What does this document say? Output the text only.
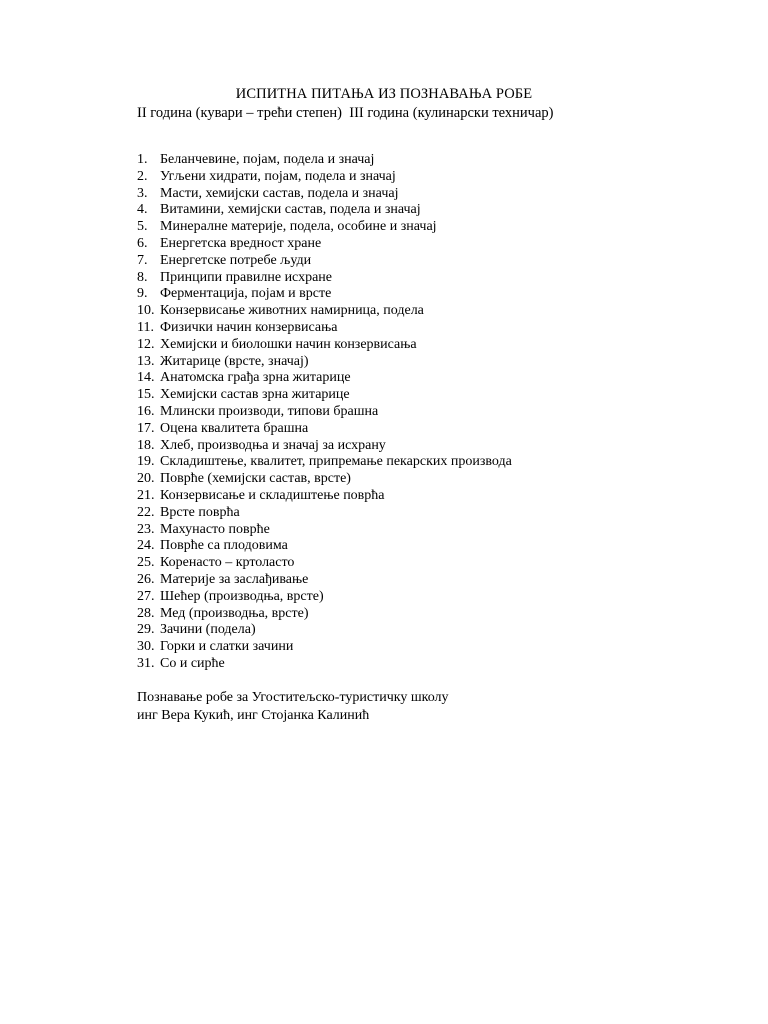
ИСПИТНА ПИТАЊА ИЗ ПОЗНАВАЊА РОБЕ
II година (кувари – трећи степен)  III година (кулинарски техничар)
1. Беланчевине, појам, подела и значај
2. Угљени хидрати, појам, подела и значај
3. Масти, хемијски састав, подела и значај
4. Витамини, хемијски састав, подела и значај
5. Минералне материје, подела, особине и значај
6. Енергетска вредност хране
7. Енергетске потребе људи
8. Принципи правилне исхране
9. Ферментација, појам и врсте
10. Конзервисање животних намирница, подела
11. Физички начин конзервисања
12. Хемијски и биолошки начин конзервисања
13. Житарице (врсте, значај)
14. Анатомска грађа зрна житарице
15. Хемијски састав зрна житарице
16. Млински производи, типови брашна
17. Оцена квалитета брашна
18. Хлеб, производња и значај за исхрану
19. Складиштење, квалитет, припремање пекарских производа
20. Поврће (хемијски састав, врсте)
21. Конзервисање и складиштење поврћа
22. Врсте поврћа
23. Махунасто поврће
24. Поврће са плодовима
25. Коренасто – кртоласто
26. Материје за заслађивање
27. Шећер (производња, врсте)
28. Мед (производња, врсте)
29. Зачини (подела)
30. Горки и слатки зачини
31. Со и сирће
Познавање робе за Угоститељско-туристичку школу
инг Вера Кукић, инг Стојанка Калинић
